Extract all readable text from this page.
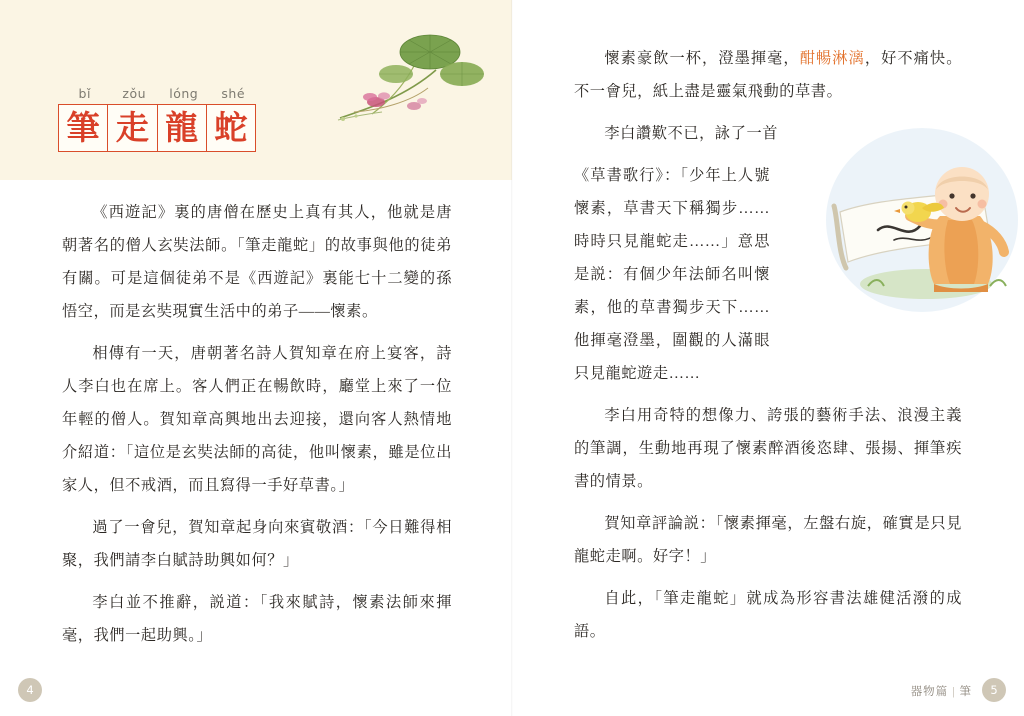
bǐ	zǒu	lóng	shé
筆 走 龍 蛇

《西遊記》裏的唐僧在歷史上真有其人，他就是唐朝著名的僧人玄奘法師。「筆走龍蛇」的故事與他的徒弟有關。可是這個徒弟不是《西遊記》裏能七十二變的孫悟空，而是玄奘現實生活中的弟子——懷素。

相傳有一天，唐朝著名詩人賀知章在府上宴客，詩人李白也在席上。客人們正在暢飲時，廳堂上來了一位年輕的僧人。賀知章高興地出去迎接，還向客人熱情地介紹道：「這位是玄奘法師的高徒，他叫懷素，雖是位出家人，但不戒酒，而且寫得一手好草書。」

過了一會兒，賀知章起身向來賓敬酒：「今日難得相聚，我們請李白賦詩助興如何？」

李白並不推辭，説道：「我來賦詩，懷素法師來揮毫，我們一起助興。」

4

懷素豪飲一杯，澄墨揮毫，酣暢淋漓，好不痛快。不一會兒，紙上盡是靈氣飛動的草書。

李白讚歎不已，詠了一首

《草書歌行》：「少年上人號懷素，草書天下稱獨步……時時只見龍蛇走……」意思是説：有個少年法師名叫懷素，他的草書獨步天下……他揮毫澄墨，圍觀的人滿眼只見龍蛇遊走……

李白用奇特的想像力、誇張的藝術手法、浪漫主義的筆調，生動地再現了懷素醉酒後恣肆、張揚、揮筆疾書的情景。

賀知章評論説：「懷素揮毫，左盤右旋，確實是只見龍蛇走啊。好字！」

自此，「筆走龍蛇」就成為形容書法雄健活潑的成語。

器物篇 | 筆	5
